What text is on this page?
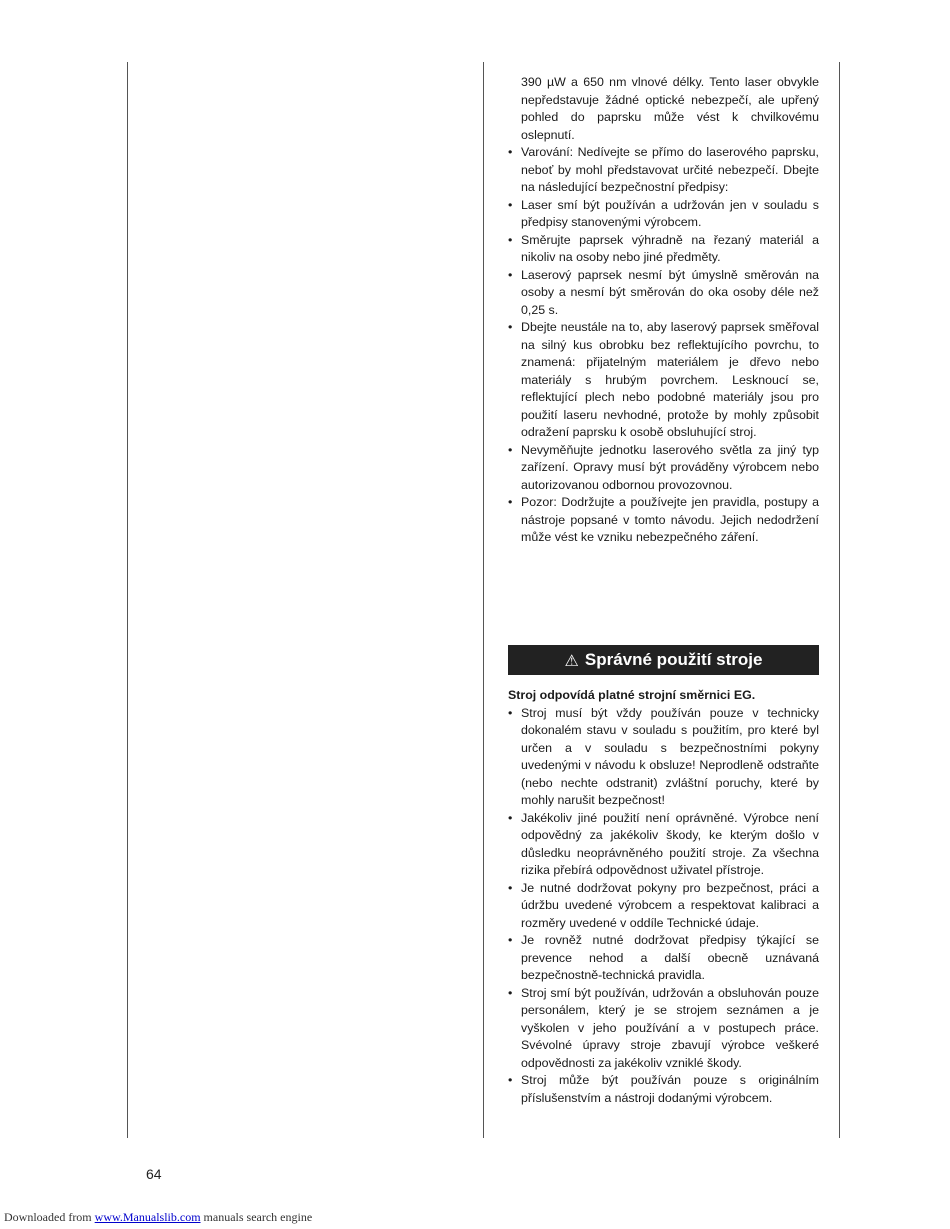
390 µW a 650 nm vlnové délky. Tento laser obvykle nepředstavuje žádné optické nebezpečí, ale upřený pohled do paprsku může vést k chvilkovému oslepnutí.

• Varování: Nedívejte se přímo do laserového paprsku, neboť by mohl představovat určité nebezpečí. Dbejte na následující bezpečnostní předpisy:
• Laser smí být používán a udržován jen v souladu s předpisy stanovenými výrobcem.
• Směrujte paprsek výhradně na řezaný materiál a nikoliv na osoby nebo jiné předměty.
• Laserový paprsek nesmí být úmyslně směrován na osoby a nesmí být směrován do oka osoby déle než 0,25 s.
• Dbejte neustále na to, aby laserový paprsek směřoval na silný kus obrobku bez reflektujícího povrchu, to znamená: přijatelným materiálem je dřevo nebo materiály s hrubým povrchem. Lesknoucí se, reflektující plech nebo podobné materiály jsou pro použití laseru nevhodné, protože by mohly způsobit odražení paprsku k osobě obsluhující stroj.
• Nevyměňujte jednotku laserového světla za jiný typ zařízení. Opravy musí být prováděny výrobcem nebo autorizovanou odbornou provozovnou.
• Pozor: Dodržujte a používejte jen pravidla, postupy a nástroje popsané v tomto návodu. Jejich nedodržení může vést ke vzniku nebezpečného záření.
⚠ Správné použití stroje

Stroj odpovídá platné strojní směrnici EG.

• Stroj musí být vždy používán pouze v technicky dokonalém stavu v souladu s použitím, pro které byl určen a v souladu s bezpečnostními pokyny uvedenými v návodu k obsluze! Neprodleně odstraňte (nebo nechte odstranit) zvláštní poruchy, které by mohly narušit bezpečnost!
• Jakékoliv jiné použití není oprávněné. Výrobce není odpovědný za jakékoliv škody, ke kterým došlo v důsledku neoprávněného použití stroje. Za všechna rizika přebírá odpovědnost uživatel přístroje.
• Je nutné dodržovat pokyny pro bezpečnost, práci a údržbu uvedené výrobcem a respektovat kalibraci a rozměry uvedené v oddíle Technické údaje.
• Je rovněž nutné dodržovat předpisy týkající se prevence nehod a další obecně uznávaná bezpečnostně-technická pravidla.
• Stroj smí být používán, udržován a obsluhován pouze personálem, který je se strojem seznámen a je vyškolen v jeho používání a v postupech práce. Svévolné úpravy stroje zbavují výrobce veškeré odpovědnosti za jakékoliv vzniklé škody.
• Stroj může být používán pouze s originálním příslušenstvím a nástroji dodanými výrobcem.
64
Downloaded from www.Manualslib.com manuals search engine
